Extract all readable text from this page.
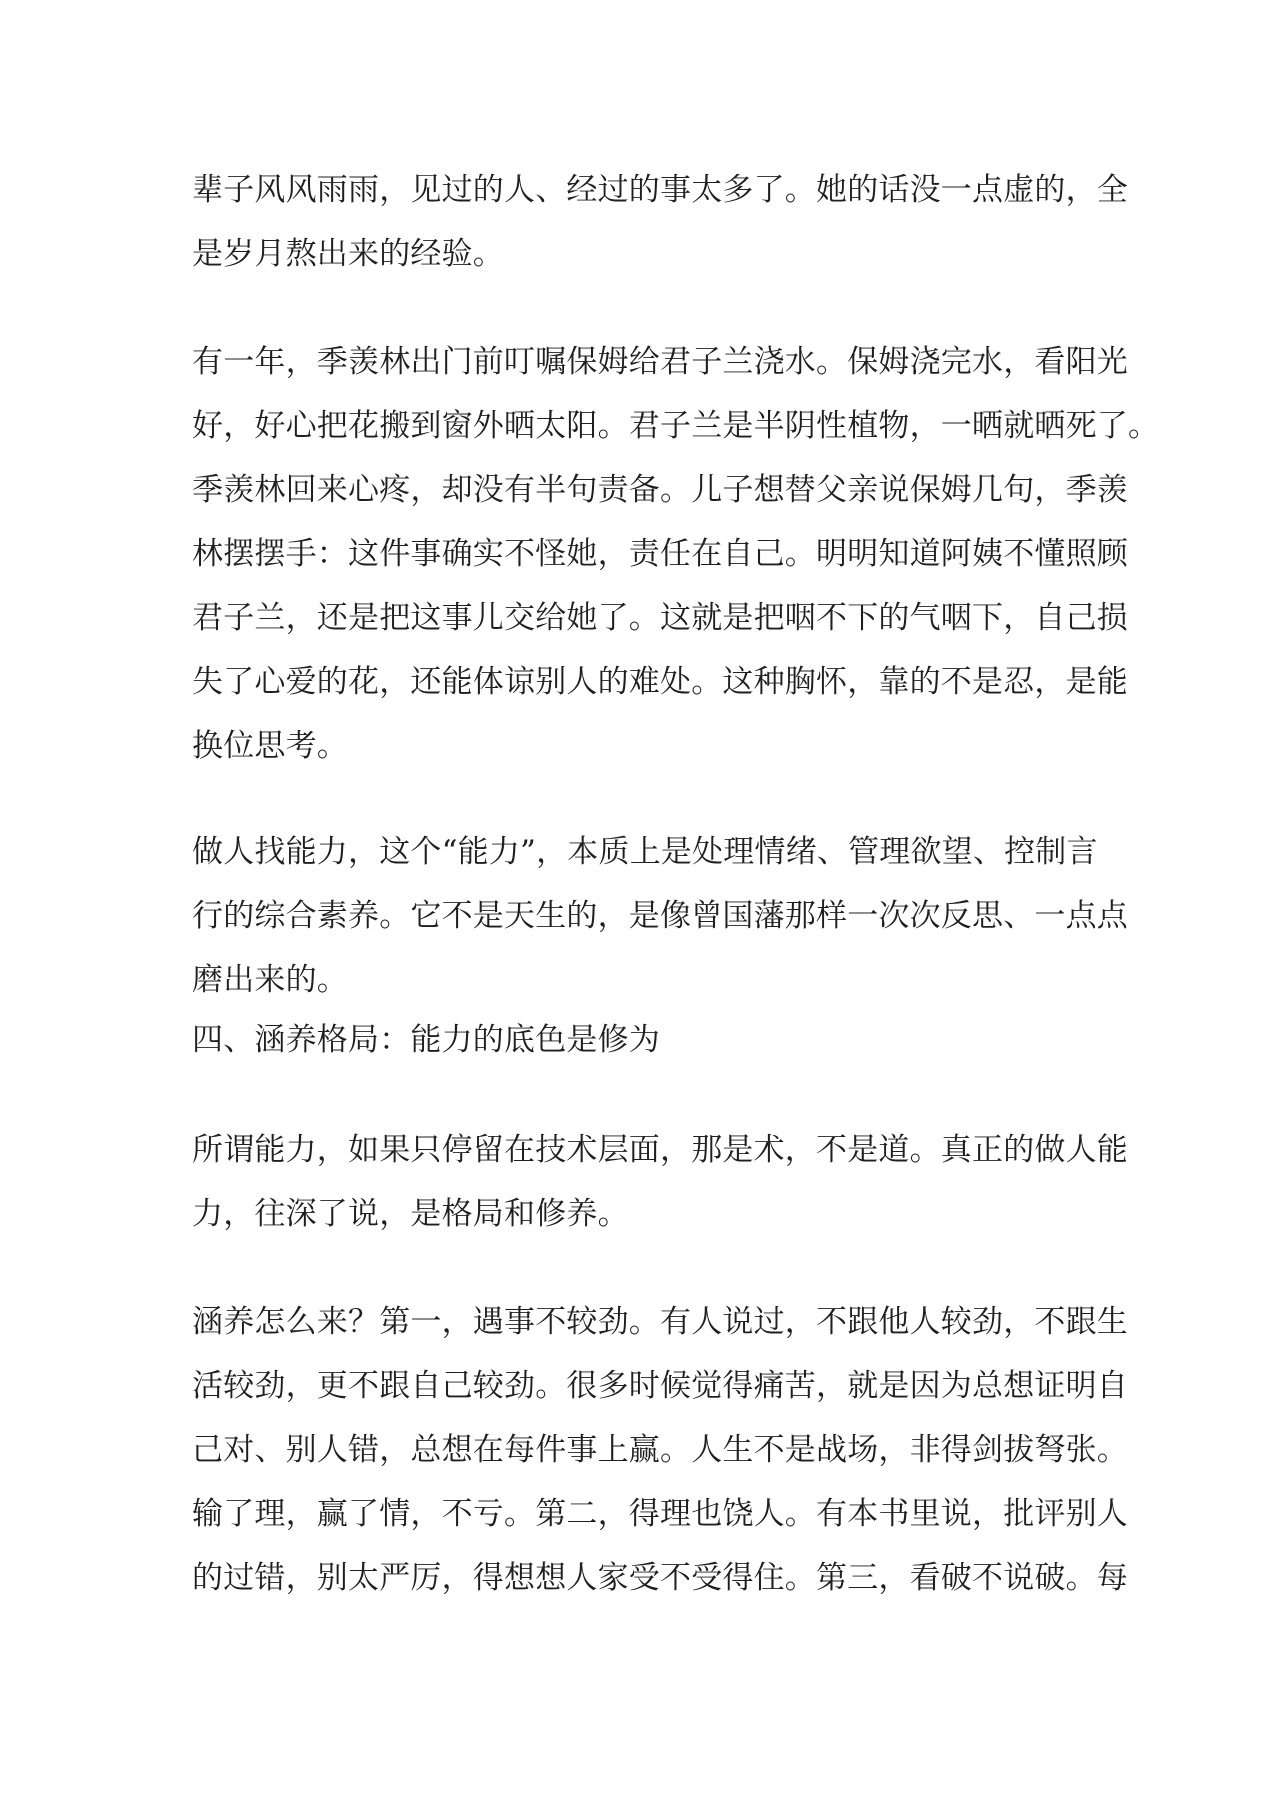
辈子风风雨雨，见过的人、经过的事太多了。她的话没一点虚的，全
是岁月熬出来的经验。
有一年，季羡林出门前叮嘱保姆给君子兰浇水。保姆浇完水，看阳光
好，好心把花搬到窗外晒太阳。君子兰是半阴性植物，一晒就晒死了。
季羡林回来心疼，却没有半句责备。儿子想替父亲说保姆几句，季羡
林摆摆手：这件事确实不怪她，责任在自己。明明知道阿姨不懂照顾
君子兰，还是把这事儿交给她了。这就是把咽不下的气咽下，自己损
失了心爱的花，还能体谅别人的难处。这种胸怀，靠的不是忍，是能
换位思考。
做人找能力，这个“能力”，本质上是处理情绪、管理欲望、控制言
行的综合素养。它不是天生的，是像曾国藩那样一次次反思、一点点
磨出来的。
四、涵养格局：能力的底色是修为
所谓能力，如果只停留在技术层面，那是术，不是道。真正的做人能
力，往深了说，是格局和修养。
涵养怎么来？第一，遇事不较劲。有人说过，不跟他人较劲，不跟生
活较劲，更不跟自己较劲。很多时候觉得痛苦，就是因为总想证明自
己对、别人错，总想在每件事上赢。人生不是战场，非得剑拔弩张。
输了理，赢了情，不亏。第二，得理也饶人。有本书里说，批评别人
的过错，别太严厉，得想想人家受不受得住。第三，看破不说破。每
